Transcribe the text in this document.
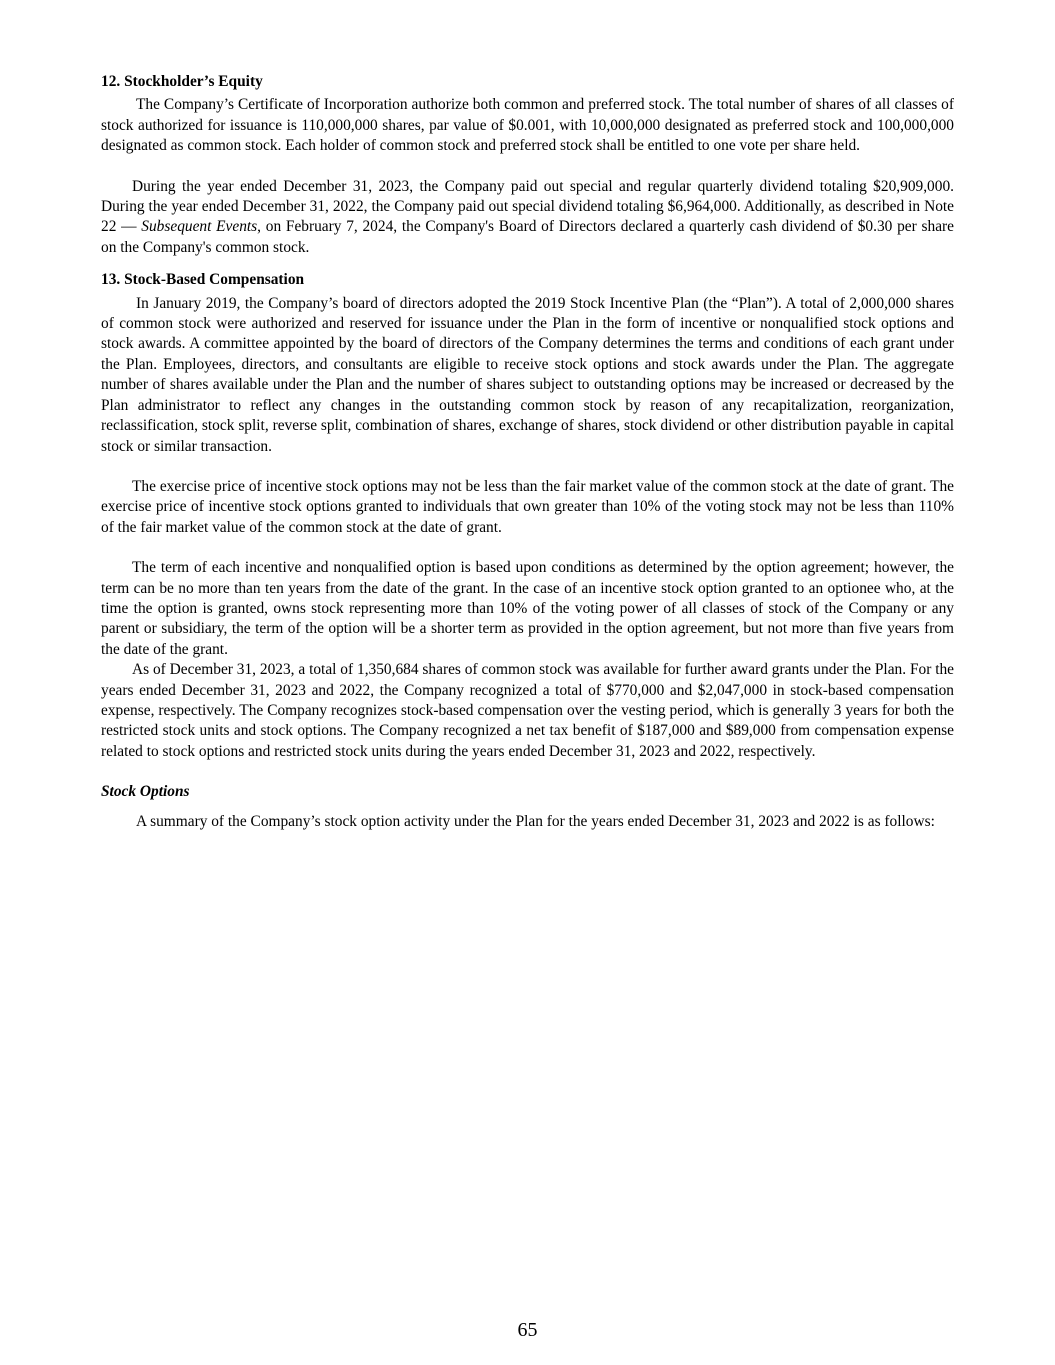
12. Stockholder’s Equity

The Company’s Certificate of Incorporation authorize both common and preferred stock. The total number of shares of all classes of stock authorized for issuance is 110,000,000 shares, par value of $0.001, with 10,000,000 designated as preferred stock and 100,000,000 designated as common stock. Each holder of common stock and preferred stock shall be entitled to one vote per share held.

During the year ended December 31, 2023, the Company paid out special and regular quarterly dividend totaling $20,909,000. During the year ended December 31, 2022, the Company paid out special dividend totaling $6,964,000. Additionally, as described in Note 22 — Subsequent Events, on February 7, 2024, the Company's Board of Directors declared a quarterly cash dividend of $0.30 per share on the Company's common stock.

13. Stock-Based Compensation

In January 2019, the Company’s board of directors adopted the 2019 Stock Incentive Plan (the “Plan”). A total of 2,000,000 shares of common stock were authorized and reserved for issuance under the Plan in the form of incentive or nonqualified stock options and stock awards. A committee appointed by the board of directors of the Company determines the terms and conditions of each grant under the Plan. Employees, directors, and consultants are eligible to receive stock options and stock awards under the Plan. The aggregate number of shares available under the Plan and the number of shares subject to outstanding options may be increased or decreased by the Plan administrator to reflect any changes in the outstanding common stock by reason of any recapitalization, reorganization, reclassification, stock split, reverse split, combination of shares, exchange of shares, stock dividend or other distribution payable in capital stock or similar transaction.

The exercise price of incentive stock options may not be less than the fair market value of the common stock at the date of grant. The exercise price of incentive stock options granted to individuals that own greater than 10% of the voting stock may not be less than 110% of the fair market value of the common stock at the date of grant.

The term of each incentive and nonqualified option is based upon conditions as determined by the option agreement; however, the term can be no more than ten years from the date of the grant. In the case of an incentive stock option granted to an optionee who, at the time the option is granted, owns stock representing more than 10% of the voting power of all classes of stock of the Company or any parent or subsidiary, the term of the option will be a shorter term as provided in the option agreement, but not more than five years from the date of the grant.

As of December 31, 2023, a total of 1,350,684 shares of common stock was available for further award grants under the Plan. For the years ended December 31, 2023 and 2022, the Company recognized a total of $770,000 and $2,047,000 in stock-based compensation expense, respectively. The Company recognizes stock-based compensation over the vesting period, which is generally 3 years for both the restricted stock units and stock options. The Company recognized a net tax benefit of $187,000 and $89,000 from compensation expense related to stock options and restricted stock units during the years ended December 31, 2023 and 2022, respectively.

Stock Options

A summary of the Company’s stock option activity under the Plan for the years ended December 31, 2023 and 2022 is as follows:

65
